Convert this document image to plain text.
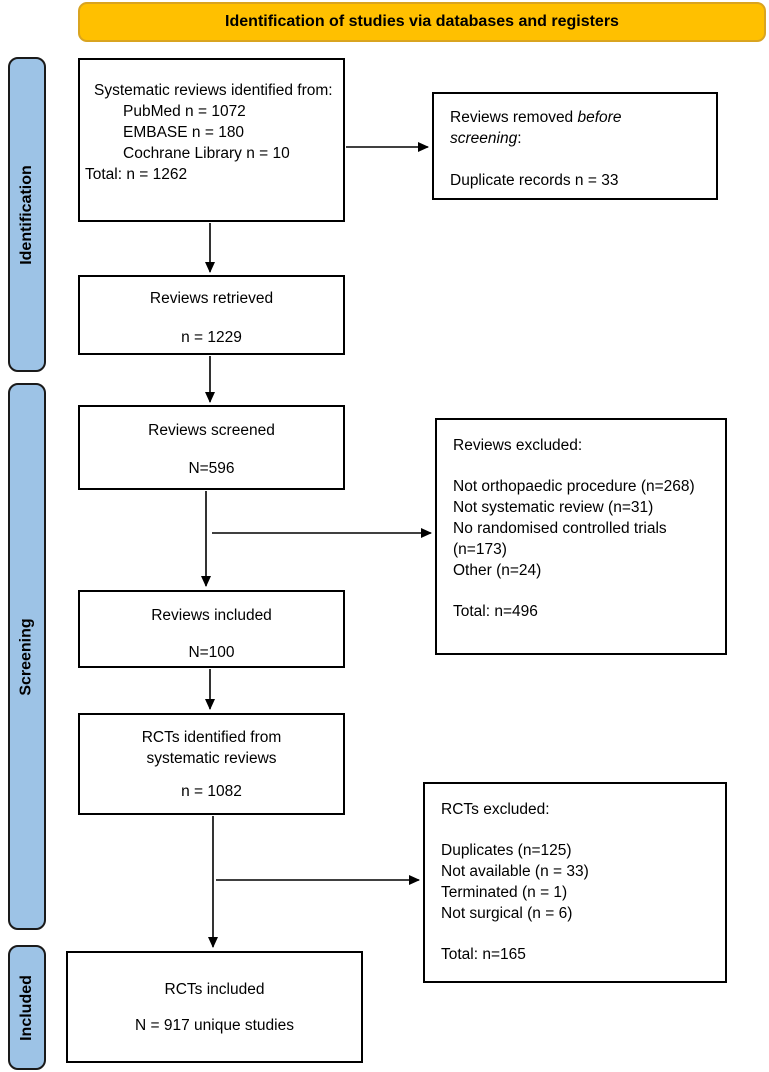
Identification of studies via databases and registers
Identification
Screening
Included
Systematic reviews identified from:
PubMed n = 1072
EMBASE n = 180
Cochrane Library n = 10
Total: n = 1262
Reviews retrieved
n = 1229
Reviews screened
N=596
Reviews included
N=100
RCTs identified from systematic reviews
n = 1082
RCTs included
N = 917 unique studies
Reviews removed before screening:
Duplicate records n = 33
Reviews excluded:
Not orthopaedic procedure (n=268)
Not systematic review (n=31)
No randomised controlled trials (n=173)
Other (n=24)
Total: n=496
RCTs excluded:
Duplicates (n=125)
Not available (n = 33)
Terminated (n = 1)
Not surgical (n = 6)
Total: n=165
